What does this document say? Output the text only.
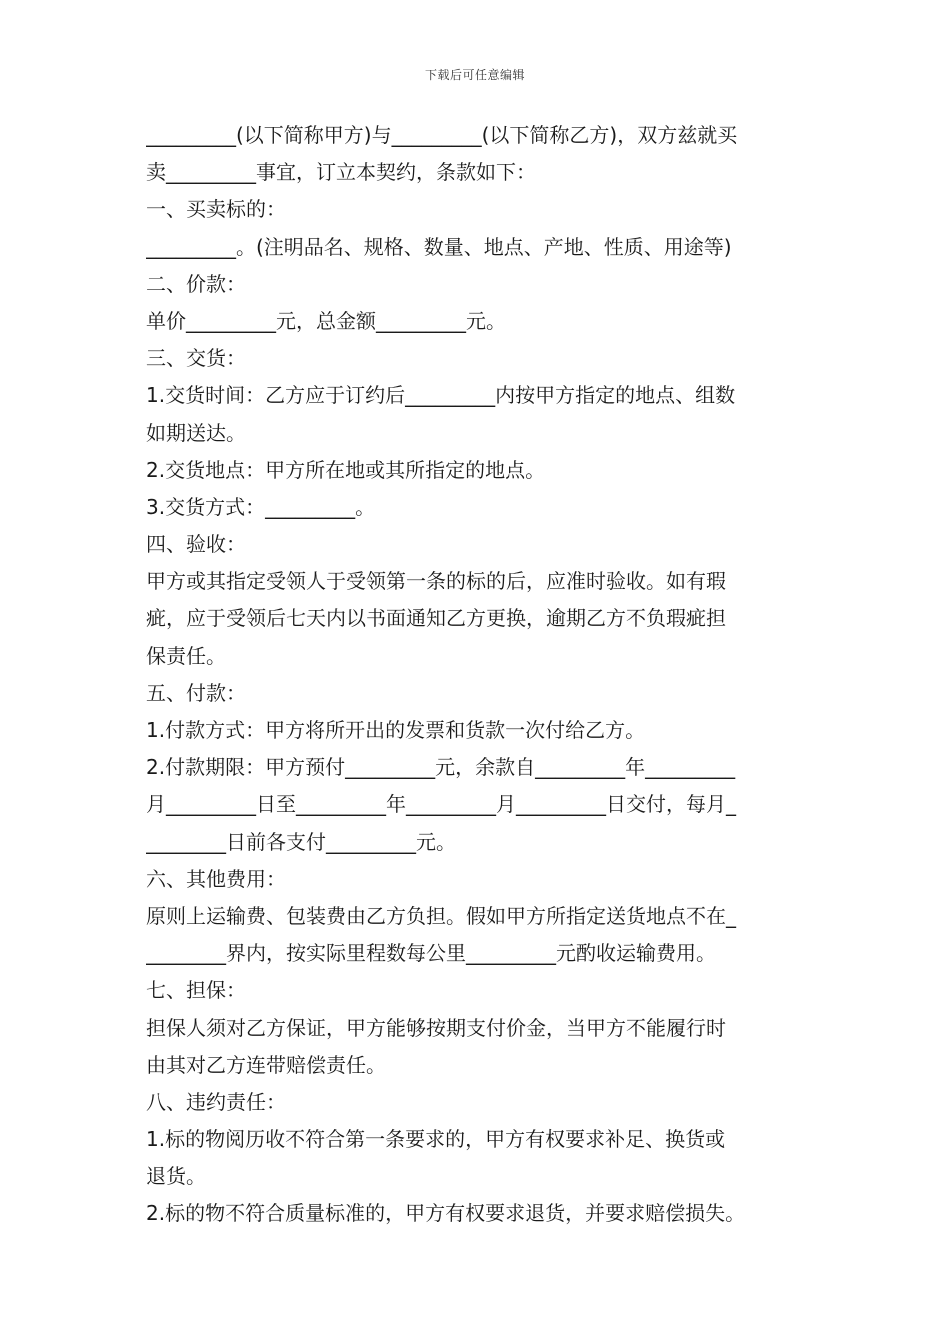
下载后可任意编辑
_________(以下简称甲方)与_________(以下简称乙方)，双方兹就买
卖_________事宜，订立本契约，条款如下：
一、买卖标的：
_________。(注明品名、规格、数量、地点、产地、性质、用途等)
二、价款：
单价_________元，总金额_________元。
三、交货：
1.交货时间：乙方应于订约后_________内按甲方指定的地点、组数
如期送达。
2.交货地点：甲方所在地或其所指定的地点。
3.交货方式：_________。
四、验收：
甲方或其指定受领人于受领第一条的标的后，应准时验收。如有瑕
疵，应于受领后七天内以书面通知乙方更换，逾期乙方不负瑕疵担
保责任。
五、付款：
1.付款方式：甲方将所开出的发票和货款一次付给乙方。
2.付款期限：甲方预付_________元，余款自_________年_________
月_________日至_________年_________月_________日交付，每月_
________日前各支付_________元。
六、其他费用：
原则上运输费、包装费由乙方负担。假如甲方所指定送货地点不在_
________界内，按实际里程数每公里_________元酌收运输费用。
七、担保：
担保人须对乙方保证，甲方能够按期支付价金，当甲方不能履行时
由其对乙方连带赔偿责任。
八、违约责任：
1.标的物阅历收不符合第一条要求的，甲方有权要求补足、换货或
退货。
2.标的物不符合质量标准的，甲方有权要求退货，并要求赔偿损失。
